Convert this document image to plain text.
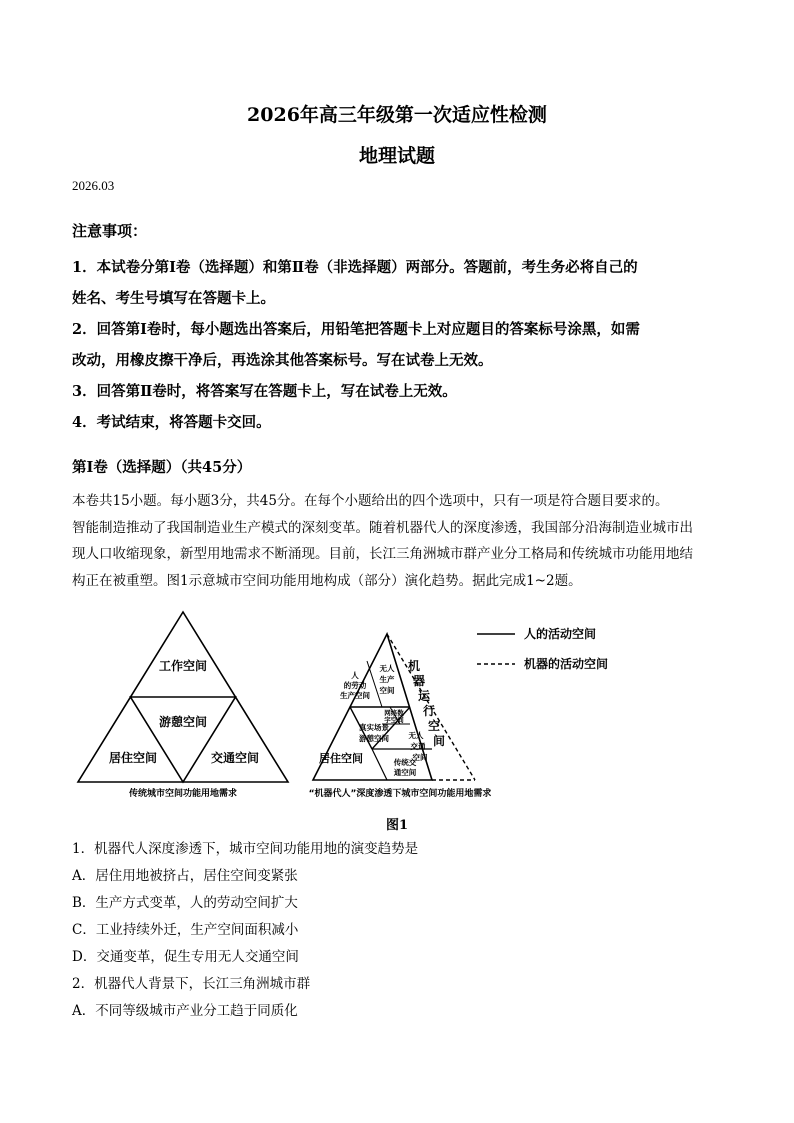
2026年高三年级第一次适应性检测
地理试题
2026.03
注意事项：

1．本试卷分第Ⅰ卷（选择题）和第Ⅱ卷（非选择题）两部分。答题前，考生务必将自己的

姓名、考生号填写在答题卡上。

2．回答第Ⅰ卷时，每小题选出答案后，用铅笔把答题卡上对应题目的答案标号涂黑，如需

改动，用橡皮擦干净后，再选涂其他答案标号。写在试卷上无效。

3．回答第Ⅱ卷时，将答案写在答题卡上，写在试卷上无效。

4．考试结束，将答题卡交回。

第Ⅰ卷（选择题）（共45分）

本卷共15小题。每小题3分，共45分。在每个小题给出的四个选项中，只有一项是符合题目要求的。

智能制造推动了我国制造业生产模式的深刻变革。随着机器代人的深度渗透，我国部分沿海制造业城市出

现人口收缩现象，新型用地需求不断涌现。目前，长江三角洲城市群产业分工格局和传统城市功能用地结

构正在被重塑。图1示意城市空间功能用地构成（部分）演化趋势。据此完成1~2题。

工作空间
游憩空间
居住空间	交通空间
传统城市空间功能用地需求
人
的劳动
生产空间
无人
生产
空间
网络数
字空间
真实场景
游憩空间	无人
交通
空间
传统交
通空间
机
器
运
行
空
间
居住空间
“机器代人”深度渗透下城市空间功能用地需求
人的活动空间
机器的活动空间
图1

1．机器代人深度渗透下，城市空间功能用地的演变趋势是

A．居住用地被挤占，居住空间变紧张

B．生产方式变革，人的劳动空间扩大

C．工业持续外迁，生产空间面积减小

D．交通变革，促生专用无人交通空间

2．机器代人背景下，长江三角洲城市群

A．不同等级城市产业分工趋于同质化
